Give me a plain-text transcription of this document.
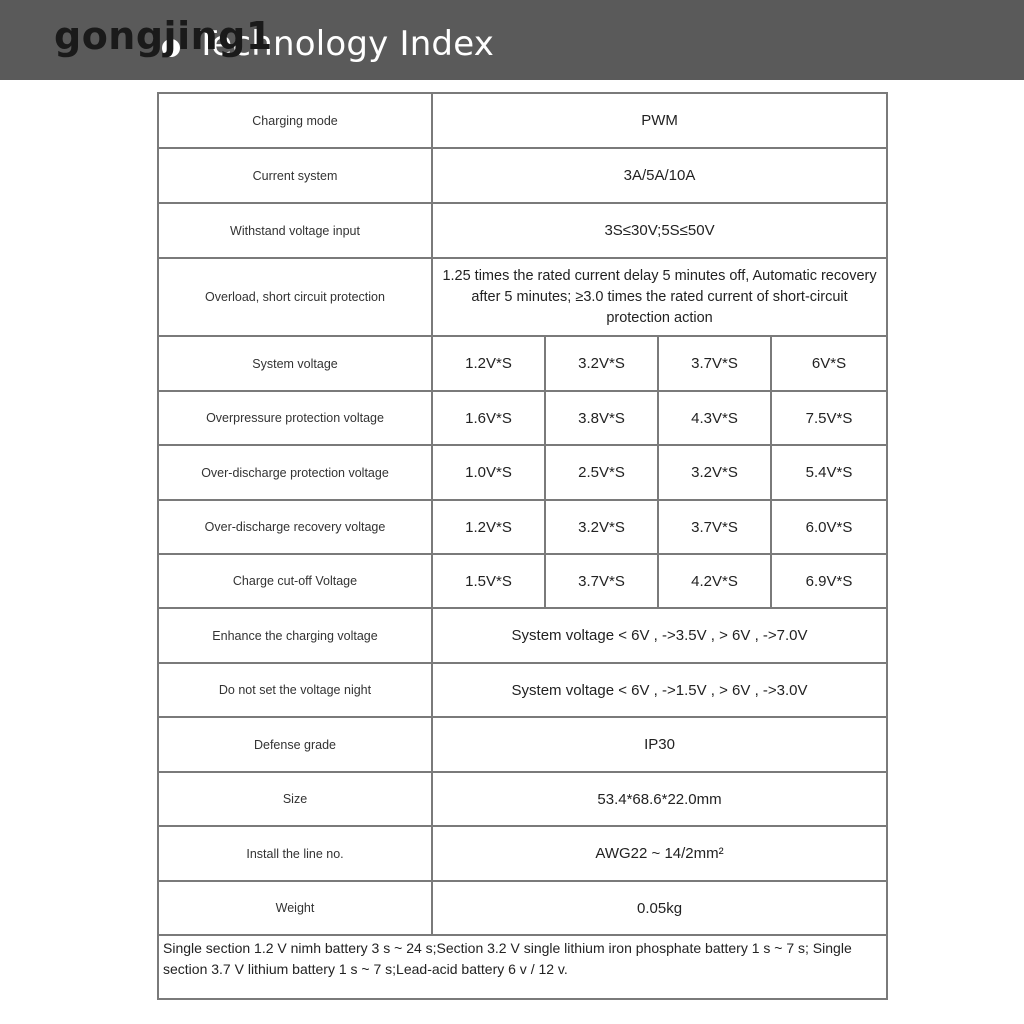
Technology Index
gongjing1
Charging mode	PWM			
Current system	3A/5A/10A			
Withstand voltage input	3S≤30V;5S≤50V			
Overload, short circuit protection	1.25 times the rated current delay 5 minutes off, Automatic recovery after 5 minutes; ≥3.0 times the rated current of short-circuit protection action			
System voltage	1.2V*S	3.2V*S	3.7V*S	6V*S
Overpressure protection voltage	1.6V*S	3.8V*S	4.3V*S	7.5V*S
Over-discharge protection voltage	1.0V*S	2.5V*S	3.2V*S	5.4V*S
Over-discharge recovery voltage	1.2V*S	3.2V*S	3.7V*S	6.0V*S
Charge cut-off Voltage	1.5V*S	3.7V*S	4.2V*S	6.9V*S
Enhance the charging voltage	System voltage < 6V , ->3.5V , > 6V , ->7.0V			
Do not set the voltage night	System voltage < 6V , ->1.5V , > 6V , ->3.0V			
Defense grade	IP30			
Size	53.4*68.6*22.0mm			
Install the line no.	AWG22 ~ 14/2mm²			
Weight	0.05kg			
Single section 1.2 V nimh battery 3 s ~ 24 s;Section 3.2 V single lithium iron phosphate battery 1 s ~ 7 s; Single section 3.7 V lithium battery 1 s ~ 7 s;Lead-acid battery 6 v / 12 v.				
